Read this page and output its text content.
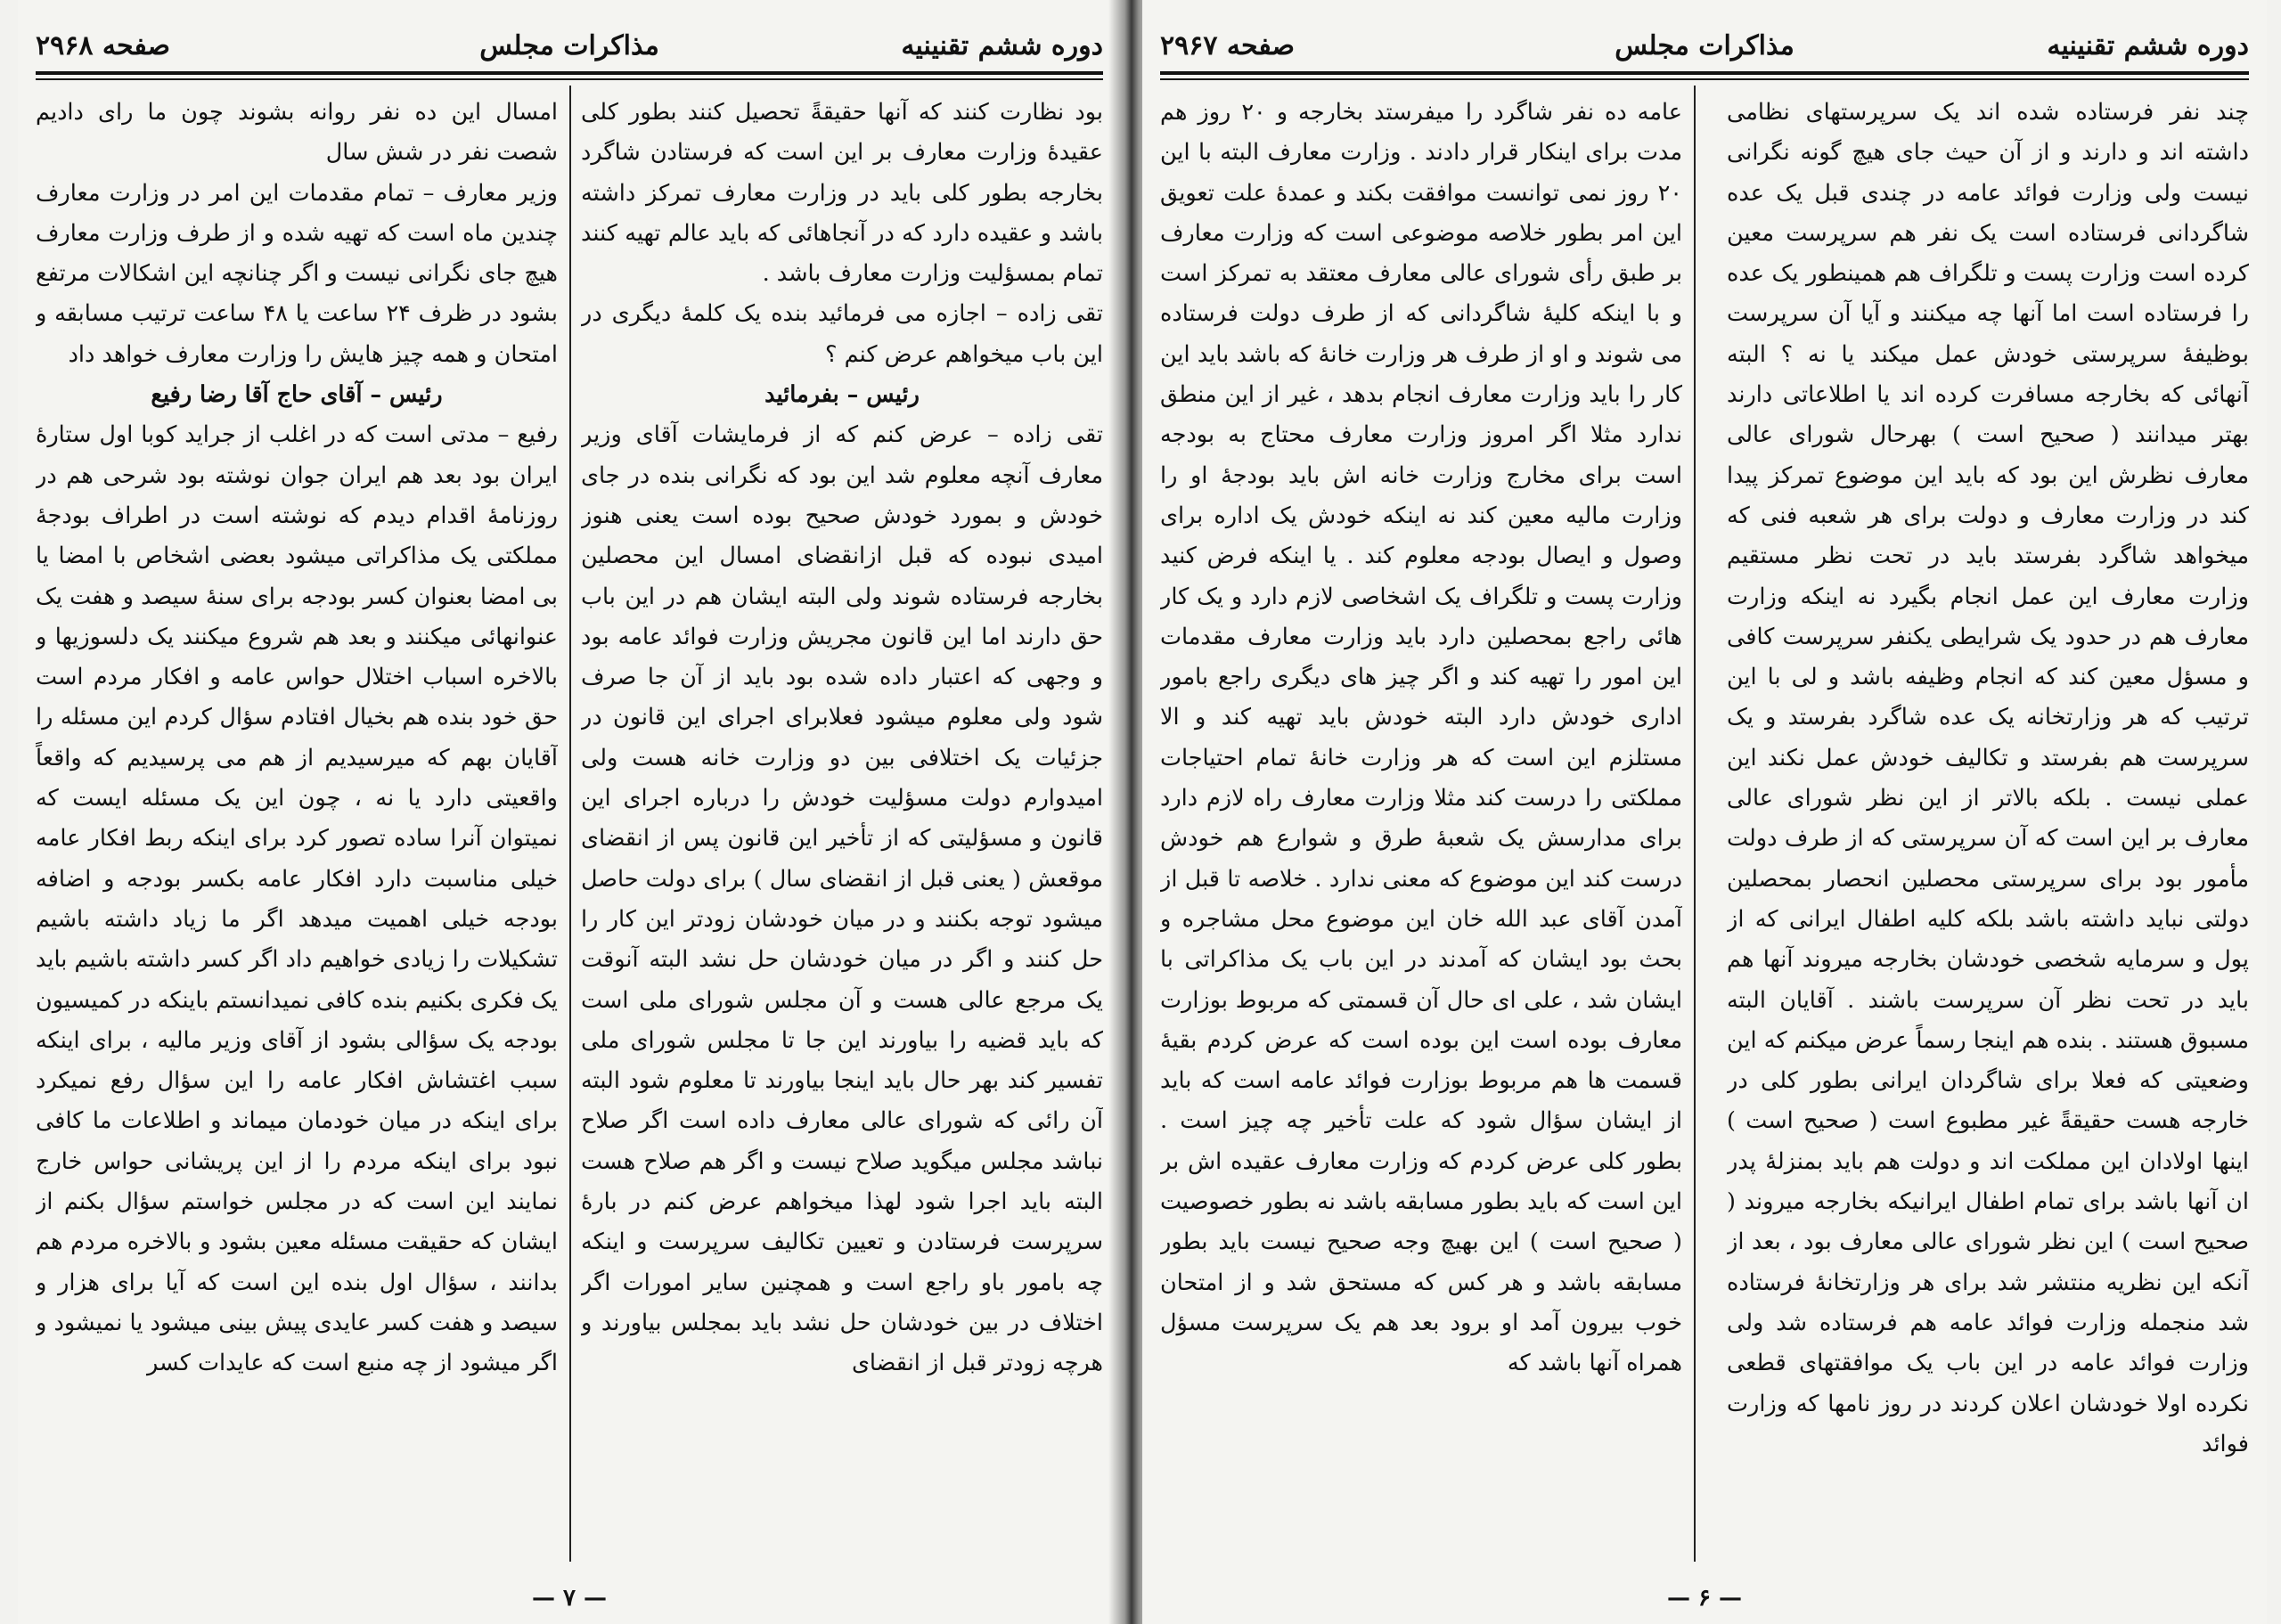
دوره ششم تقنینیه
مذاکرات مجلس
صفحه ۲۹۶۸

بود نظارت کنند که آنها حقیقةً تحصیل کنند بطور کلی عقیدهٔ وزارت معارف بر این است که فرستادن شاگرد بخارجه بطور کلی باید در وزارت معارف تمرکز داشته باشد و عقیده دارد که در آنجاهائی که باید عالم تهیه کنند تمام بمسؤلیت وزارت معارف باشد .

تقی زاده – اجازه می فرمائید بنده یک کلمهٔ دیگری در این باب میخواهم عرض کنم ؟

رئیس – بفرمائید

تقی زاده – عرض کنم که از فرمایشات آقای وزیر معارف آنچه معلوم شد این بود که نگرانی بنده در جای خودش و بمورد خودش صحیح بوده است یعنی هنوز امیدی نبوده که قبل ازانقضای امسال این محصلین بخارجه فرستاده شوند ولی البته ایشان هم در این باب حق دارند اما این قانون مجریش وزارت فوائد عامه بود و وجهی که اعتبار داده شده بود باید از آن جا صرف شود ولی معلوم میشود فعلابرای اجرای این قانون در جزئیات یک اختلافی بین دو وزارت خانه هست ولی امیدوارم دولت مسؤلیت خودش را درباره اجرای این قانون و مسؤلیتی که از تأخیر این قانون پس از انقضای موقعش ( یعنی قبل از انقضای سال ) برای دولت حاصل میشود توجه بکنند و در میان خودشان زودتر این کار را حل کنند و اگر در میان خودشان حل نشد البته آنوقت یک مرجع عالی هست و آن مجلس شورای ملی است که باید قضیه را بیاورند این جا تا مجلس شورای ملی تفسیر کند بهر حال باید اینجا بیاورند تا معلوم شود البته آن رائی که شورای عالی معارف داده است اگر صلاح نباشد مجلس میگوید صلاح نیست و اگر هم صلاح هست البته باید اجرا شود لهذا میخواهم عرض کنم در بارهٔ سرپرست فرستادن و تعیین تکالیف سرپرست و اینکه چه بامور باو راجع است و همچنین سایر امورات اگر اختلاف در بین خودشان حل نشد باید بمجلس بیاورند و هرچه زودتر قبل از انقضای

امسال این ده نفر روانه بشوند چون ما رای دادیم شصت نفر در شش سال

وزیر معارف – تمام مقدمات این امر در وزارت معارف چندین ماه است که تهیه شده و از طرف وزارت معارف هیچ جای نگرانی نیست و اگر چنانچه این اشکالات مرتفع بشود در ظرف ۲۴ ساعت یا ۴۸ ساعت ترتیب مسابقه و امتحان و همه چیز هایش را وزارت معارف خواهد داد

رئیس – آقای حاج آقا رضا رفیع

رفیع – مدتی است که در اغلب از جراید کوبا اول ستارهٔ ایران بود بعد هم ایران جوان نوشته بود شرحی هم در روزنامهٔ اقدام دیدم که نوشته است در اطراف بودجهٔ مملکتی یک مذاکراتی میشود بعضی اشخاص با امضا یا بی امضا بعنوان کسر بودجه برای سنهٔ سیصد و هفت یک عنوانهائی میکنند و بعد هم شروع میکنند یک دلسوزیها و بالاخره اسباب اختلال حواس عامه و افکار مردم است حق خود بنده هم بخیال افتادم سؤال کردم این مسئله را آقایان بهم که میرسیدیم از هم می پرسیدیم که واقعاً واقعیتی دارد یا نه ، چون این یک مسئله ایست که نمیتوان آنرا ساده تصور کرد برای اینکه ربط افکار عامه خیلی مناسبت دارد افکار عامه بکسر بودجه و اضافه بودجه خیلی اهمیت میدهد اگر ما زیاد داشته باشیم تشکیلات را زیادی خواهیم داد اگر کسر داشته باشیم باید یک فکری بکنیم بنده کافی نمیدانستم باینکه در کمیسیون بودجه یک سؤالی بشود از آقای وزیر مالیه ، برای اینکه سبب اغتشاش افکار عامه را این سؤال رفع نمیکرد برای اینکه در میان خودمان میماند و اطلاعات ما کافی نبود برای اینکه مردم را از این پریشانی حواس خارج نمایند این است که در مجلس خواستم سؤال بکنم از ایشان که حقیقت مسئله معین بشود و بالاخره مردم هم بدانند ، سؤال اول بنده این است که آیا برای هزار و سیصد و هفت کسر عایدی پیش بینی میشود یا نمیشود و اگر میشود از چه منبع است که عایدات کسر

— ۷ —
دوره ششم تقنینیه
مذاکرات مجلس
صفحه ۲۹۶۷

چند نفر فرستاده شده اند یک سرپرستهای نظامی داشته اند و دارند و از آن حیث جای هیچ گونه نگرانی نیست ولی وزارت فوائد عامه در چندی قبل یک عده شاگردانی فرستاده است یک نفر هم سرپرست معین کرده است وزارت پست و تلگراف هم همینطور یک عده را فرستاده است اما آنها چه میکنند و آیا آن سرپرست بوظیفهٔ سرپرستی خودش عمل میکند یا نه ؟ البته آنهائی که بخارجه مسافرت کرده اند یا اطلاعاتی دارند بهتر میدانند ( صحیح است ) بهرحال شورای عالی معارف نظرش این بود که باید این موضوع تمرکز پیدا کند در وزارت معارف و دولت برای هر شعبه فنی که میخواهد شاگرد بفرستد باید در تحت نظر مستقیم وزارت معارف این عمل انجام بگیرد نه اینکه وزارت معارف هم در حدود یک شرایطی یکنفر سرپرست کافی و مسؤل معین کند که انجام وظیفه باشد و لی با این ترتیب که هر وزارتخانه یک عده شاگرد بفرستد و یک سرپرست هم بفرستد و تکالیف خودش عمل نکند این عملی نیست . بلکه بالاتر از این نظر شورای عالی معارف بر این است که آن سرپرستی که از طرف دولت مأمور بود برای سرپرستی محصلین انحصار بمحصلین دولتی نباید داشته باشد بلکه کلیه اطفال ایرانی که از پول و سرمایه شخصی خودشان بخارجه میروند آنها هم باید در تحت نظر آن سرپرست باشند . آقایان البته مسبوق هستند . بنده هم اینجا رسماً عرض میکنم که این وضعیتی که فعلا برای شاگردان ایرانی بطور کلی در خارجه هست حقیقةً غیر مطبوع است ( صحیح است ) اینها اولادان این مملکت اند و دولت هم باید بمنزلهٔ پدر ان آنها باشد برای تمام اطفال ایرانیکه بخارجه میروند ( صحیح است ) این نظر شورای عالی معارف بود ، بعد از آنکه این نظریه منتشر شد برای هر وزارتخانهٔ فرستاده شد منجمله وزارت فوائد عامه هم فرستاده شد ولی وزارت فوائد عامه در این باب یک موافقتهای قطعی نکرده اولا خودشان اعلان کردند در روز نامها که وزارت فوائد

عامه ده نفر شاگرد را میفرستد بخارجه و ۲۰ روز هم مدت برای اینکار قرار دادند . وزارت معارف البته با این ۲۰ روز نمی توانست موافقت بکند و عمدهٔ علت تعویق این امر بطور خلاصه موضوعی است که وزارت معارف بر طبق رأی شورای عالی معارف معتقد به تمرکز است و با اینکه کلیهٔ شاگردانی که از طرف دولت فرستاده می شوند و او از طرف هر وزارت خانهٔ که باشد باید این کار را باید وزارت معارف انجام بدهد ، غیر از این منطق ندارد مثلا اگر امروز وزارت معارف محتاج به بودجه است برای مخارج وزارت خانه اش باید بودجهٔ او را وزارت مالیه معین کند نه اینکه خودش یک اداره برای وصول و ایصال بودجه معلوم کند . یا اینکه فرض کنید وزارت پست و تلگراف یک اشخاصی لازم دارد و یک کار هائی راجع بمحصلین دارد باید وزارت معارف مقدمات این امور را تهیه کند و اگر چیز های دیگری راجع بامور اداری خودش دارد البته خودش باید تهیه کند و الا مستلزم این است که هر وزارت خانهٔ تمام احتیاجات مملکتی را درست کند مثلا وزارت معارف راه لازم دارد برای مدارسش یک شعبهٔ طرق و شوارع هم خودش درست کند این موضوع که معنی ندارد . خلاصه تا قبل از آمدن آقای عبد الله خان این موضوع محل مشاجره و بحث بود ایشان که آمدند در این باب یک مذاکراتی با ایشان شد ، علی ای حال آن قسمتی که مربوط بوزارت معارف بوده است این بوده است که عرض کردم بقیهٔ قسمت ها هم مربوط بوزارت فوائد عامه است که باید از ایشان سؤال شود که علت تأخیر چه چیز است . بطور کلی عرض کردم که وزارت معارف عقیده اش بر این است که باید بطور مسابقه باشد نه بطور خصوصیت ( صحیح است ) این بهیچ وجه صحیح نیست باید بطور مسابقه باشد و هر کس که مستحق شد و از امتحان خوب بیرون آمد او برود بعد هم یک سرپرست مسؤل همراه آنها باشد که

— ۶ —
